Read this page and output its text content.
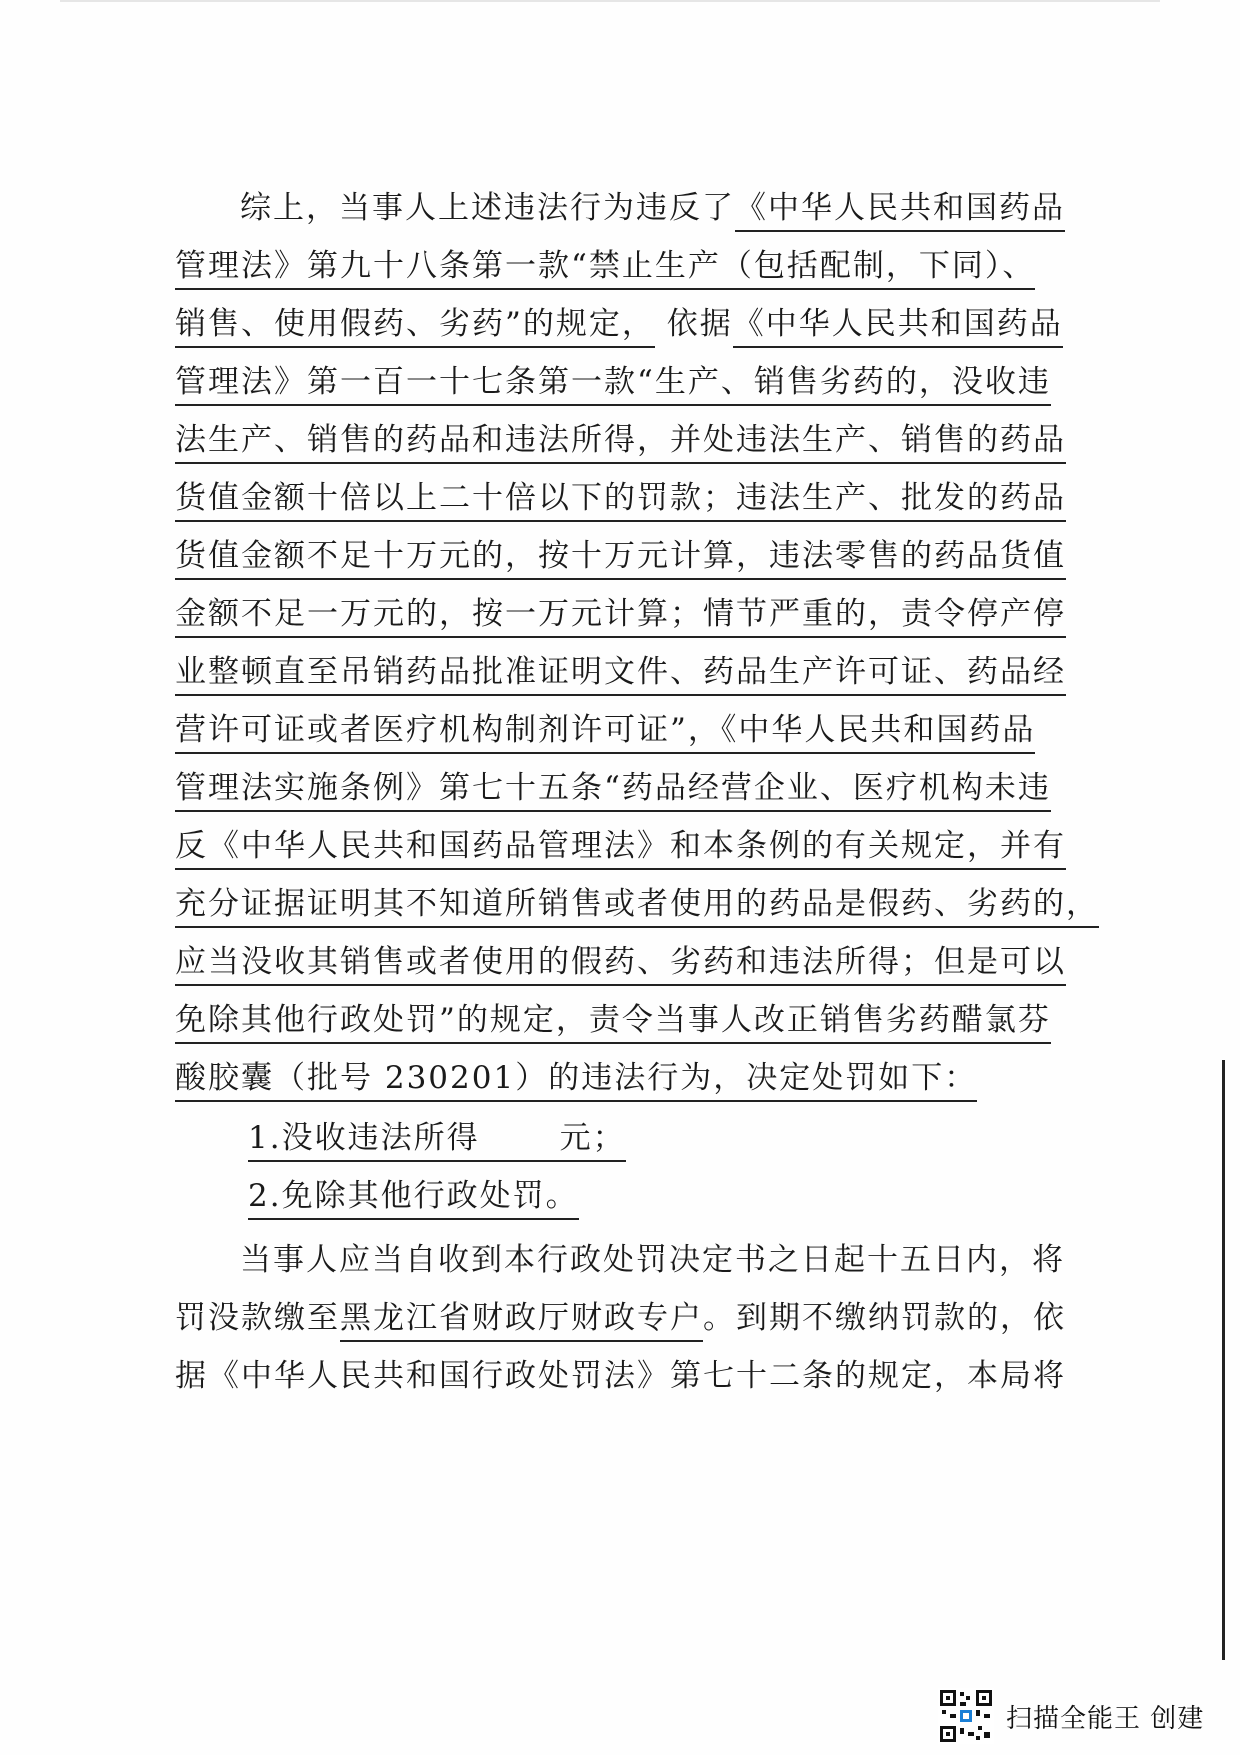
综上，当事人上述违法行为违反了《中华人民共和国药品
管理法》第九十八条第一款“禁止生产（包括配制，下同）、
销售、使用假药、劣药”的规定， 依据《中华人民共和国药品
管理法》第一百一十七条第一款“生产、销售劣药的，没收违
法生产、销售的药品和违法所得，并处违法生产、销售的药品
货值金额十倍以上二十倍以下的罚款；违法生产、批发的药品
货值金额不足十万元的，按十万元计算，违法零售的药品货值
金额不足一万元的，按一万元计算；情节严重的，责令停产停
业整顿直至吊销药品批准证明文件、药品生产许可证、药品经
营许可证或者医疗机构制剂许可证”，《中华人民共和国药品
管理法实施条例》第七十五条“药品经营企业、医疗机构未违
反《中华人民共和国药品管理法》和本条例的有关规定，并有
充分证据证明其不知道所销售或者使用的药品是假药、劣药的，
应当没收其销售或者使用的假药、劣药和违法所得；但是可以
免除其他行政处罚”的规定，责令当事人改正销售劣药醋氯芬
酸胶囊（批号 230201）的违法行为，决定处罚如下：
1.没收违法所得	元；
2.免除其他行政处罚。
当事人应当自收到本行政处罚决定书之日起十五日内，将
罚没款缴至黑龙江省财政厅财政专户。到期不缴纳罚款的，依
据《中华人民共和国行政处罚法》第七十二条的规定，本局将
扫描全能王 创建
